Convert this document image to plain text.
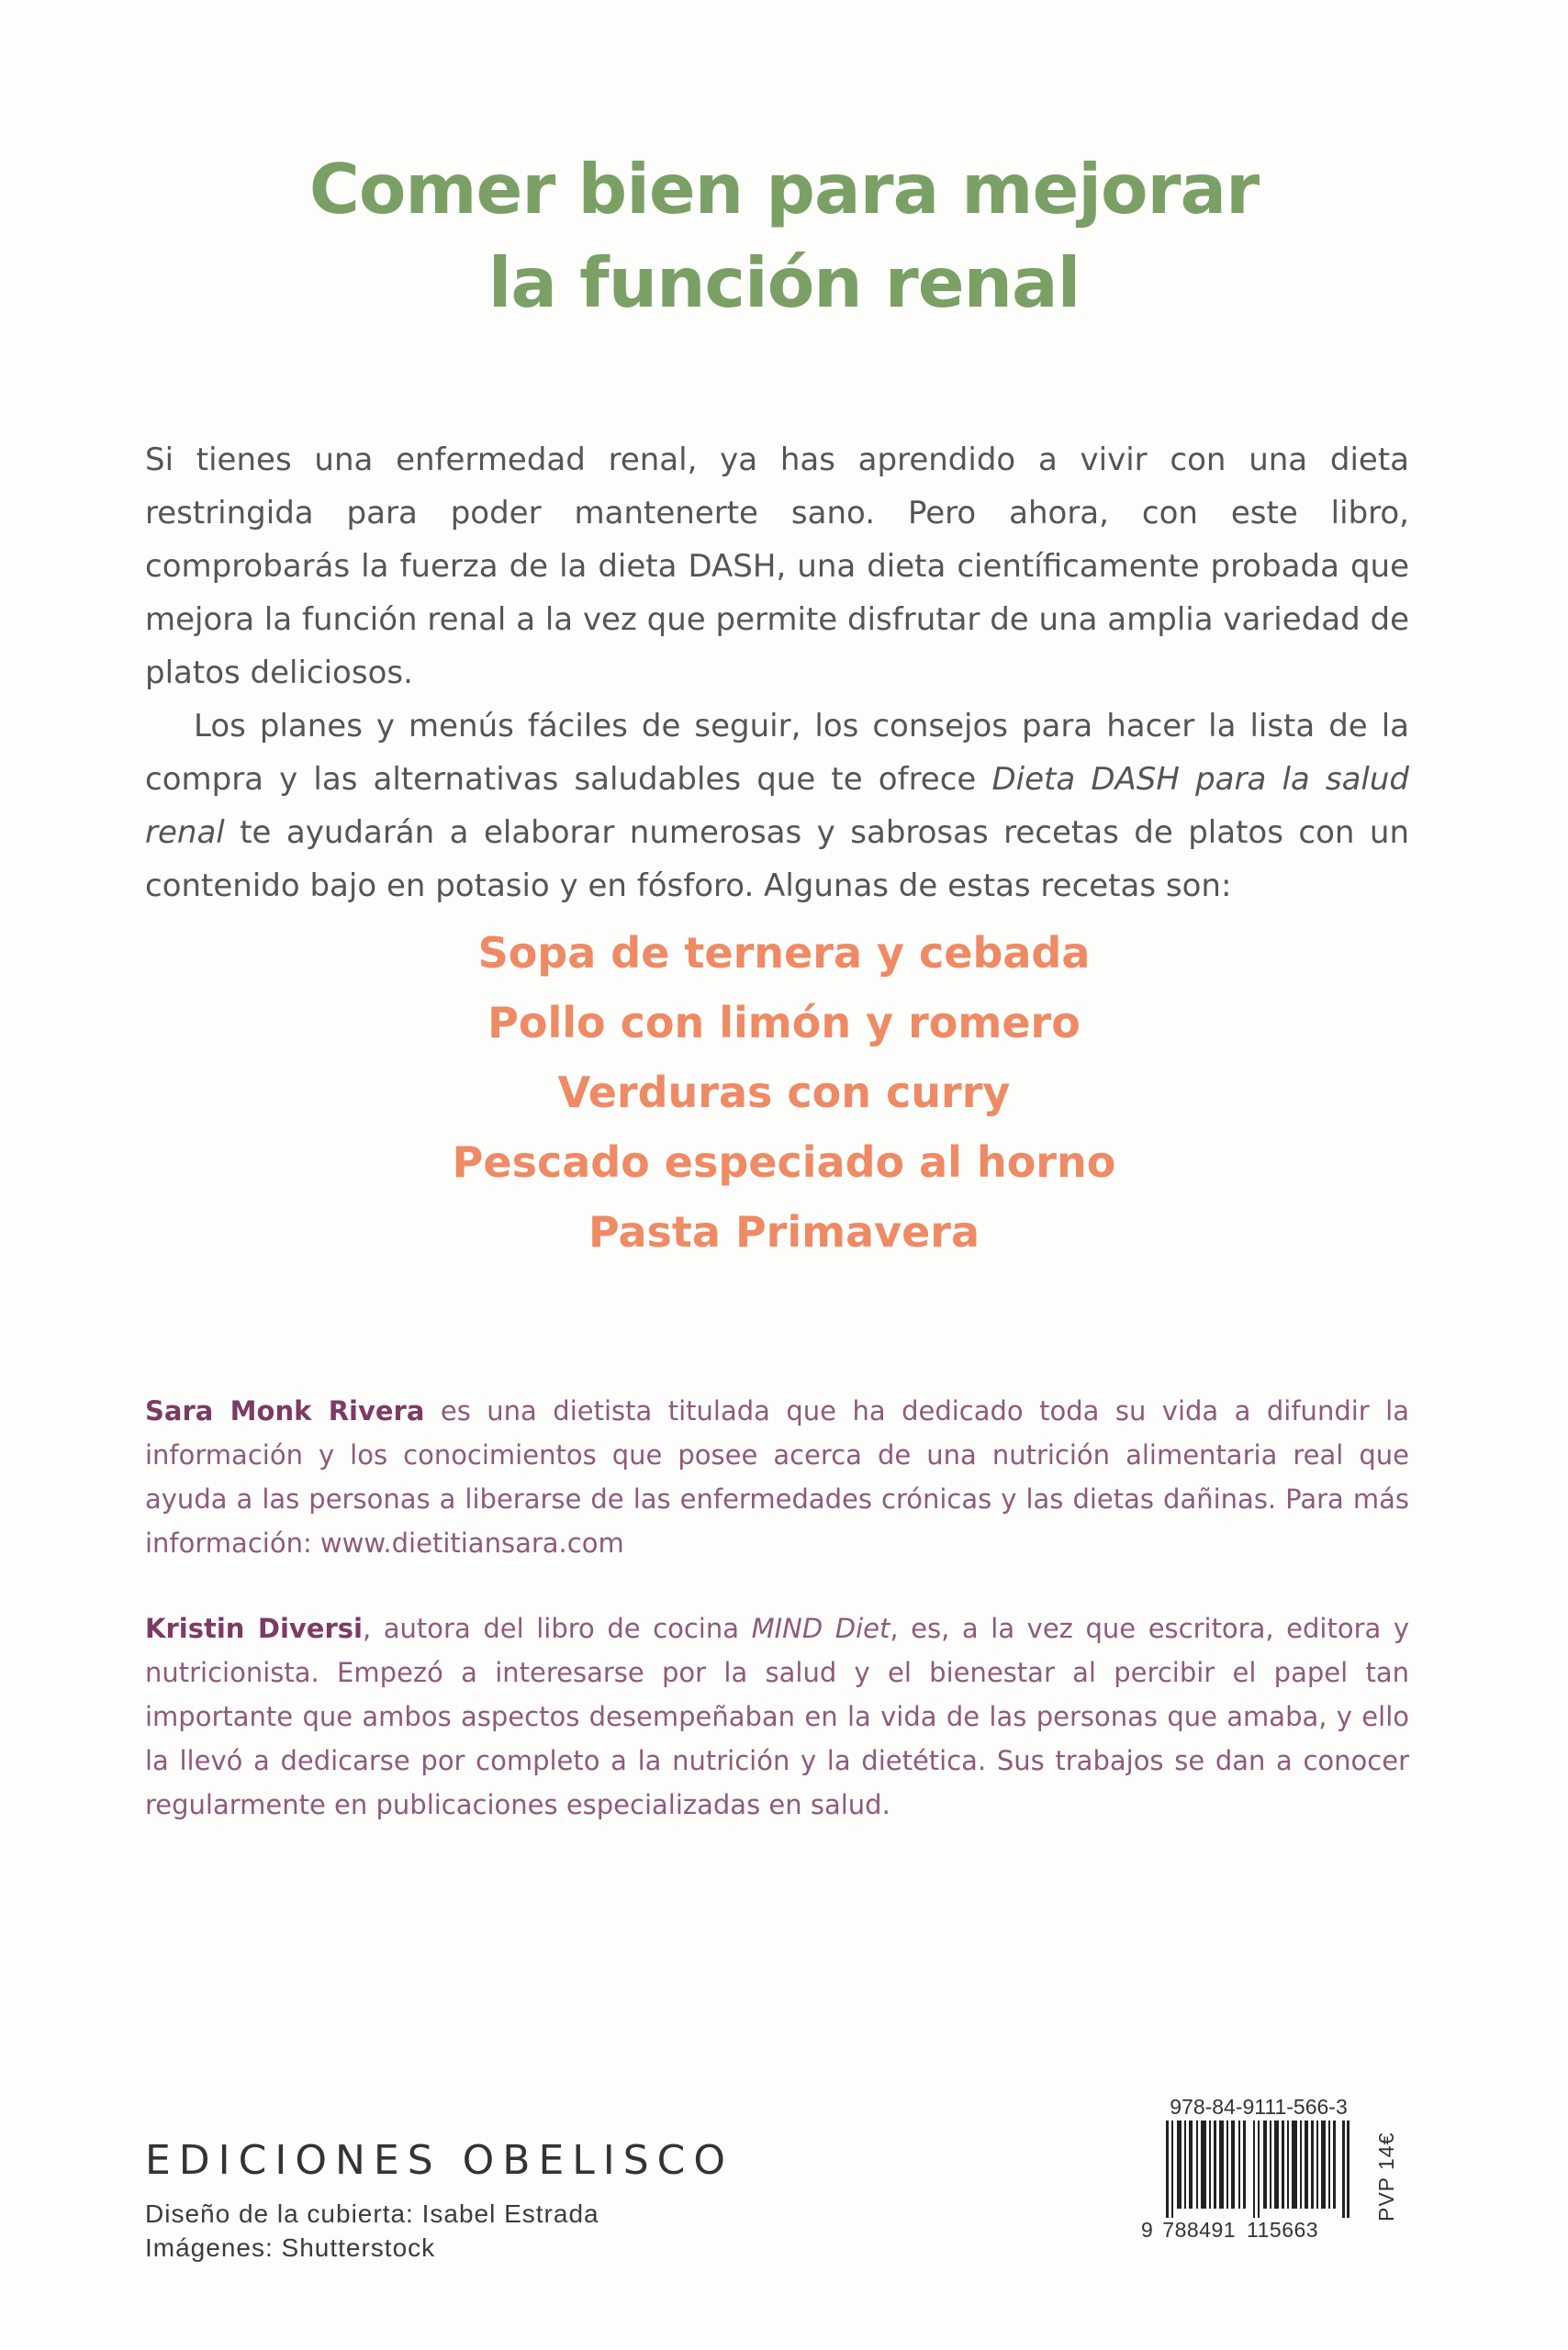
Comer bien para mejorar
la función renal

Si tienes una enfermedad renal, ya has aprendido a vivir con una dieta restringida para poder mantenerte sano. Pero ahora, con este libro, comprobarás la fuerza de la dieta DASH, una dieta científicamente probada que mejora la función renal a la vez que permite disfrutar de una amplia variedad de platos deliciosos.

Los planes y menús fáciles de seguir, los consejos para hacer la lista de la compra y las alternativas saludables que te ofrece Dieta DASH para la salud renal te ayudarán a elaborar numerosas y sabrosas recetas de platos con un contenido bajo en potasio y en fósforo. Algunas de estas recetas son:

Sopa de ternera y cebada
Pollo con limón y romero
Verduras con curry
Pescado especiado al horno
Pasta Primavera
Sara Monk Rivera es una dietista titulada que ha dedicado toda su vida a difundir la información y los conocimientos que posee acerca de una nutrición alimentaria real que ayuda a las personas a liberarse de las enfermedades crónicas y las dietas dañinas. Para más información: www.dietitiansara.com
Kristin Diversi, autora del libro de cocina MIND Diet, es, a la vez que escritora, editora y nutricionista. Empezó a interesarse por la salud y el bienestar al percibir el papel tan importante que ambos aspectos desempeñaban en la vida de las personas que amaba, y ello la llevó a dedicarse por completo a la nutrición y la dietética. Sus trabajos se dan a conocer regularmente en publicaciones especializadas en salud.
EDICIONES OBELISCO
Diseño de la cubierta: Isabel Estrada
Imágenes: Shutterstock
978-84-9111-566-3
9 788491 115663
PVP 14€
